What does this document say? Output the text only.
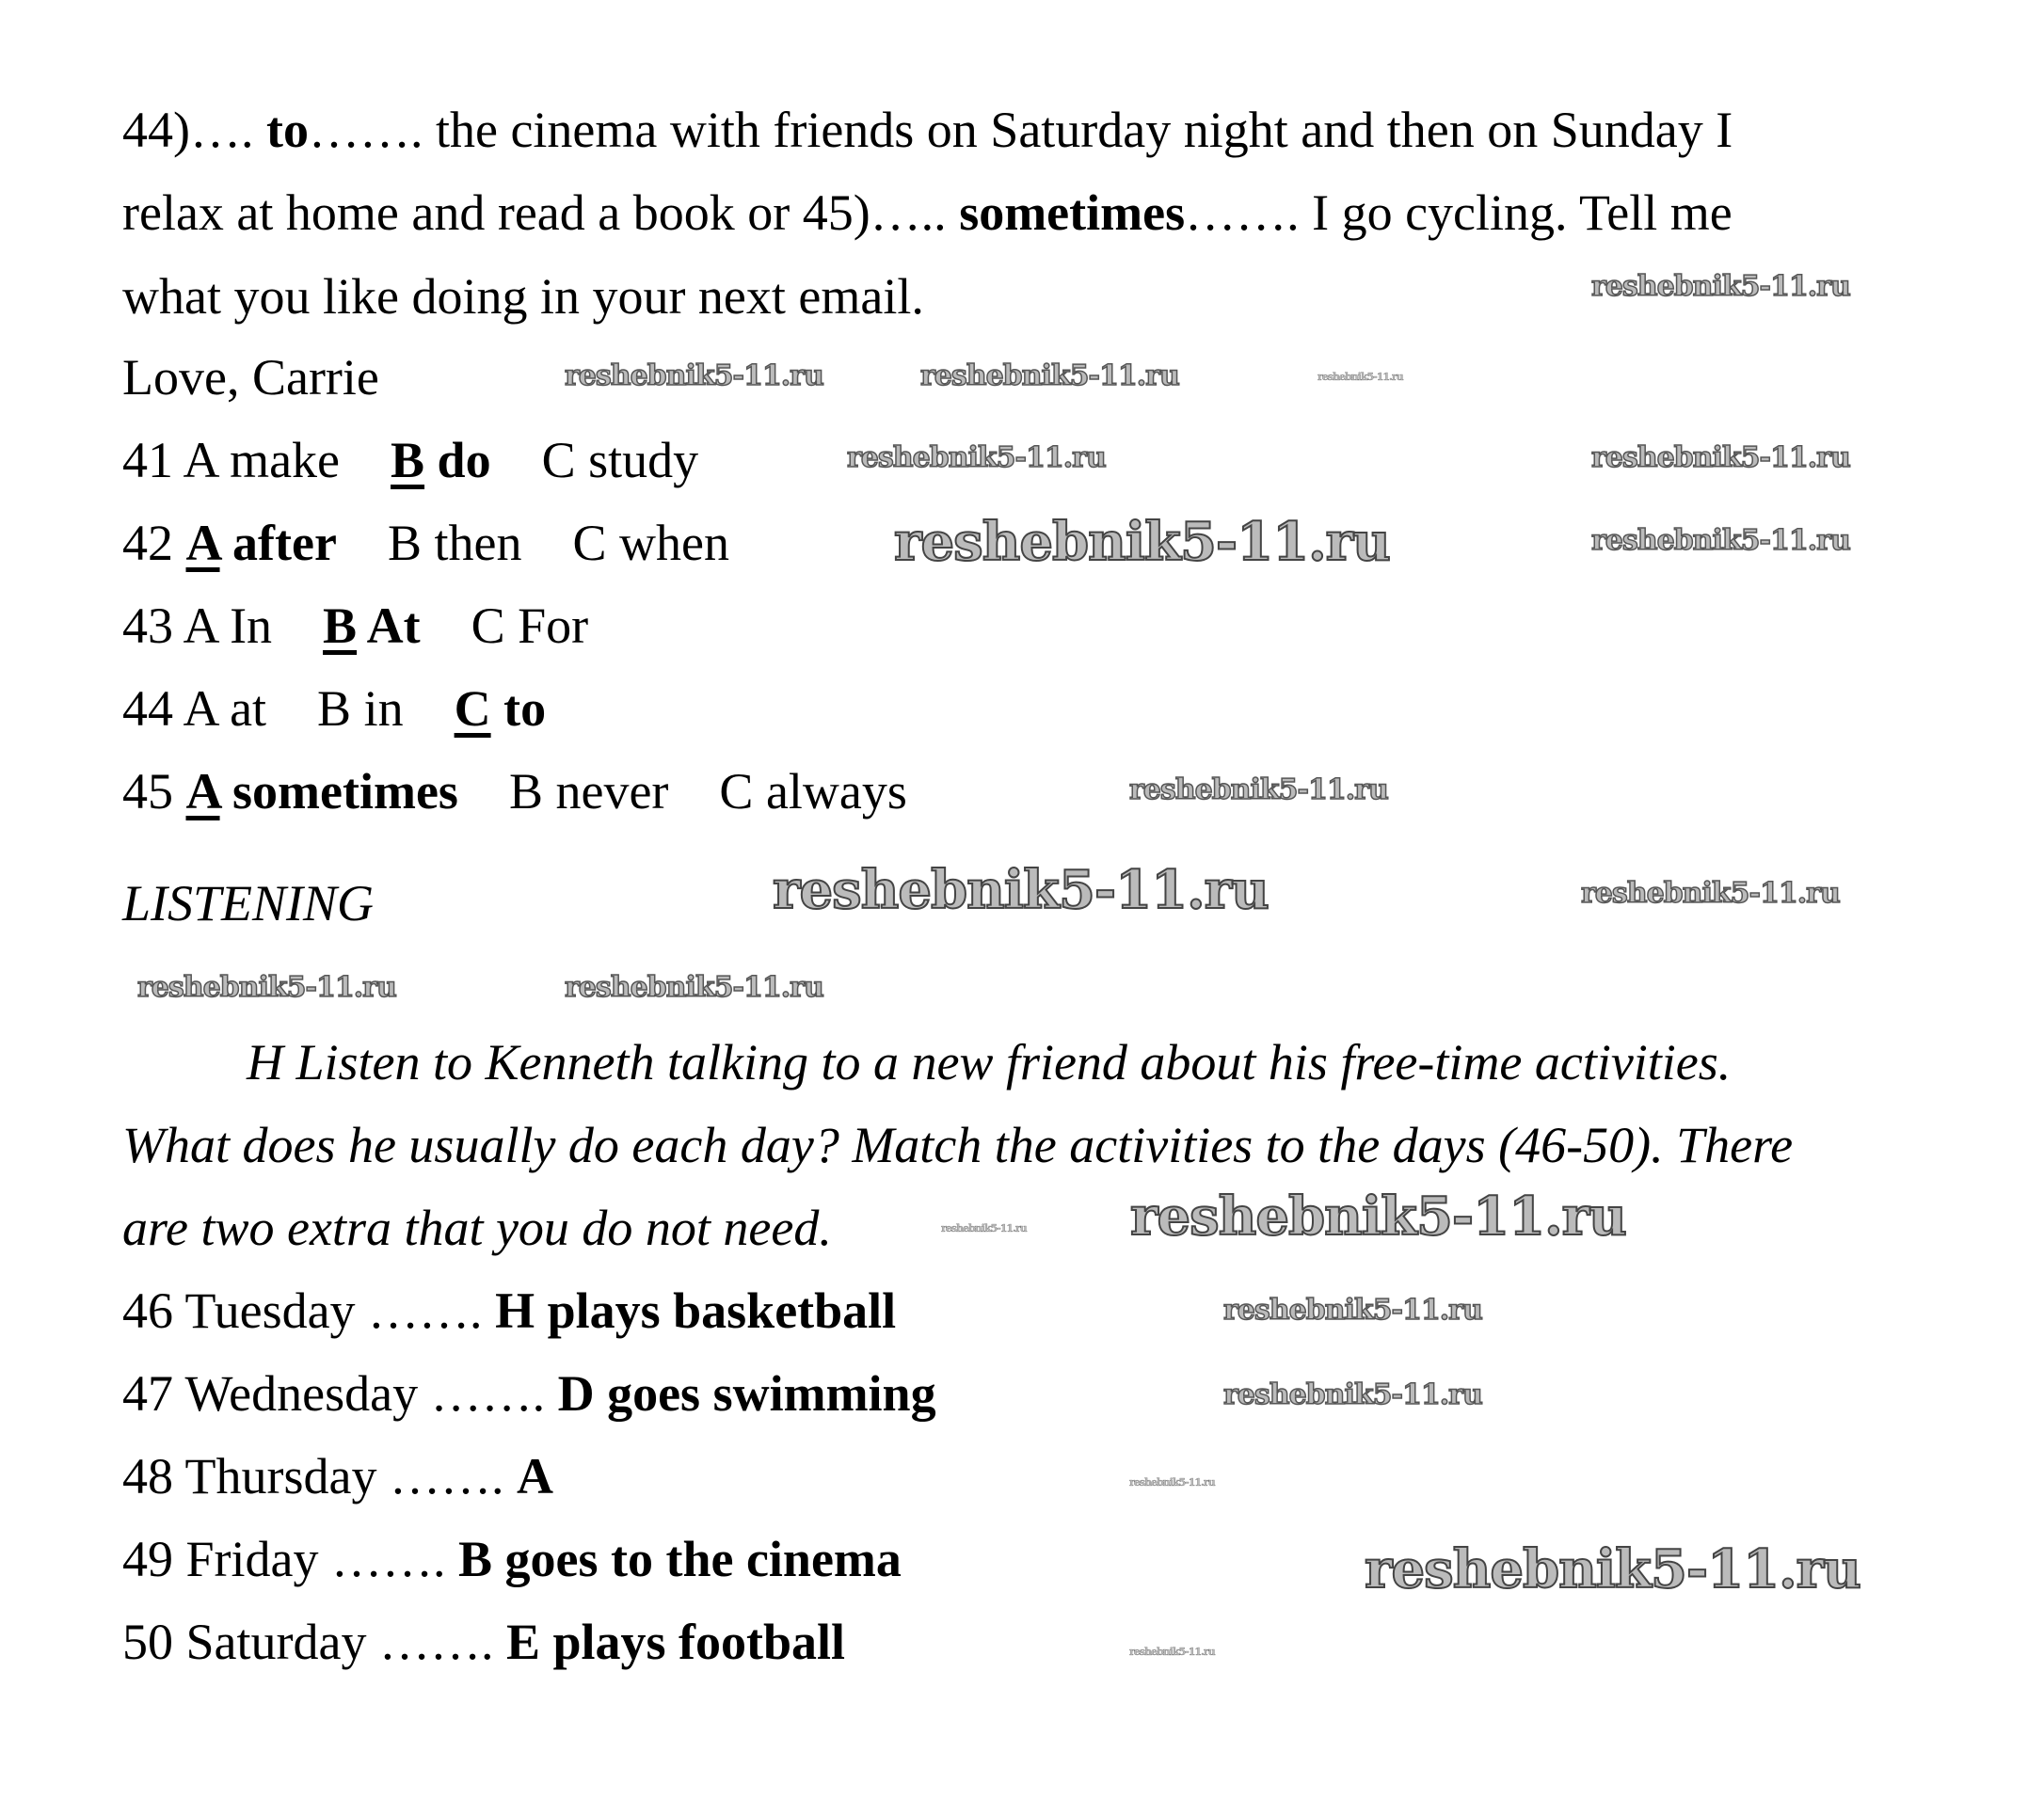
44)…. to……. the cinema with friends on Saturday night and then on Sunday I
relax at home and read a book or 45)….. sometimes……. I go cycling. Tell me
what you like doing in your next email.
Love, Carrie
41 A make B do C study
42 A after B then C when
43 A In B At C For
44 A at B in C to
45 A sometimes B never C always
LISTENING
H Listen to Kenneth talking to a new friend about his free-time activities.
What does he usually do each day? Match the activities to the days (46-50). There
are two extra that you do not need.
46 Tuesday ……. H plays basketball
47 Wednesday ……. D goes swimming
48 Thursday ……. A
49 Friday ……. B goes to the cinema
50 Saturday ……. E plays football
reshebnik5-11.ru
reshebnik5-11.ru	reshebnik5-11.ru	reshebnik5-11.ru
reshebnik5-11.ru	reshebnik5-11.ru
reshebnik5-11.ru	reshebnik5-11.ru
reshebnik5-11.ru
reshebnik5-11.ru	reshebnik5-11.ru
reshebnik5-11.ru	reshebnik5-11.ru
reshebnik5-11.ru
reshebnik5-11.ru
reshebnik5-11.ru
reshebnik5-11.ru
reshebnik5-11.ru
reshebnik5-11.ru
reshebnik5-11.ru
